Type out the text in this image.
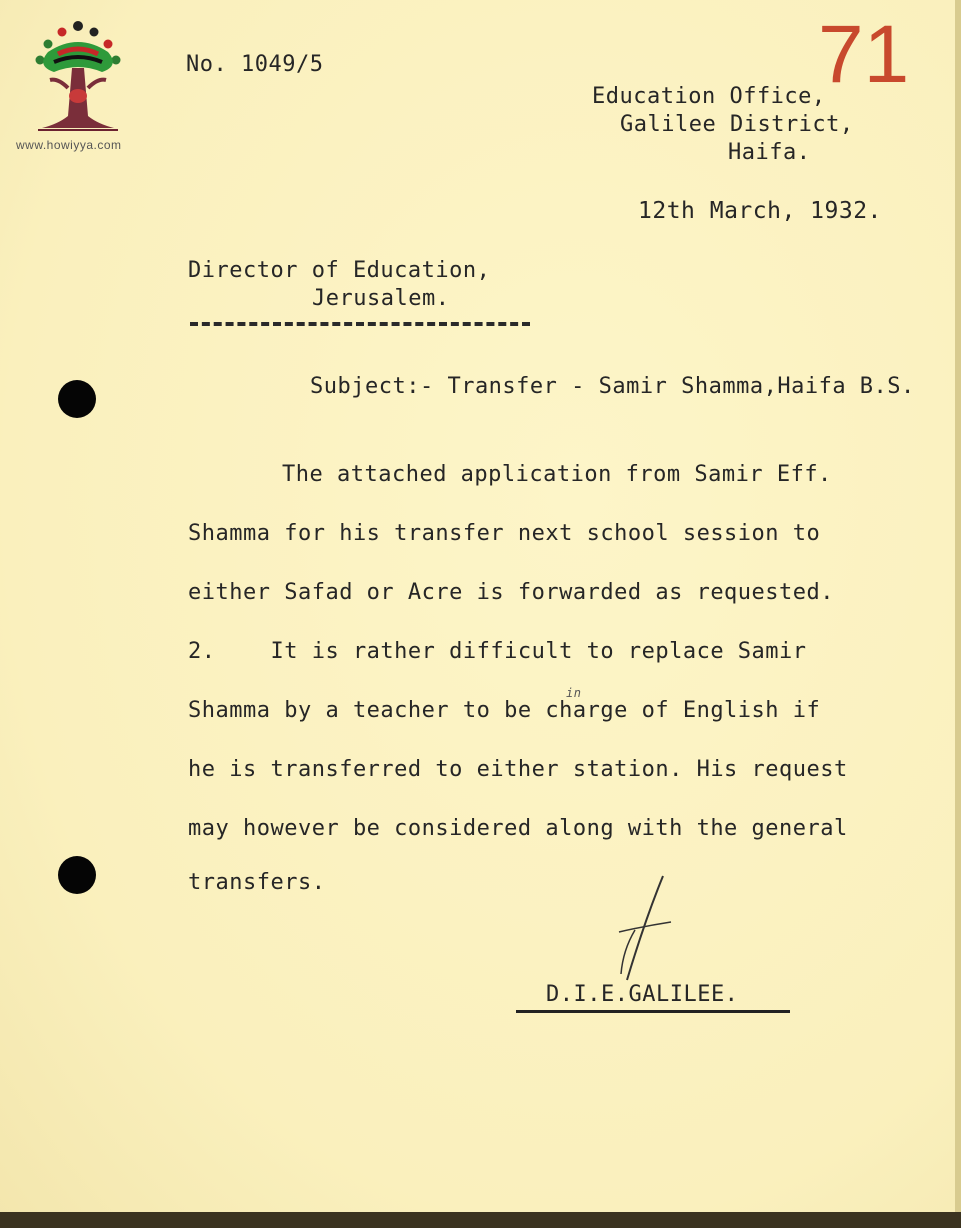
www.howiyya.com
71
No. 1049/5
Education Office,
Galilee District,
Haifa.
12th March, 1932.
Director of Education,
Jerusalem.
Subject:- Transfer - Samir Shamma,Haifa B.S.
The attached application from Samir Eff.
Shamma for his transfer next school session to
either Safad or Acre is forwarded as requested.
2.    It is rather difficult to replace Samir
Shamma by a teacher to be charge of English if
in
he is transferred to either station. His request
may however be considered along with the general
transfers.
D.I.E.GALILEE.
